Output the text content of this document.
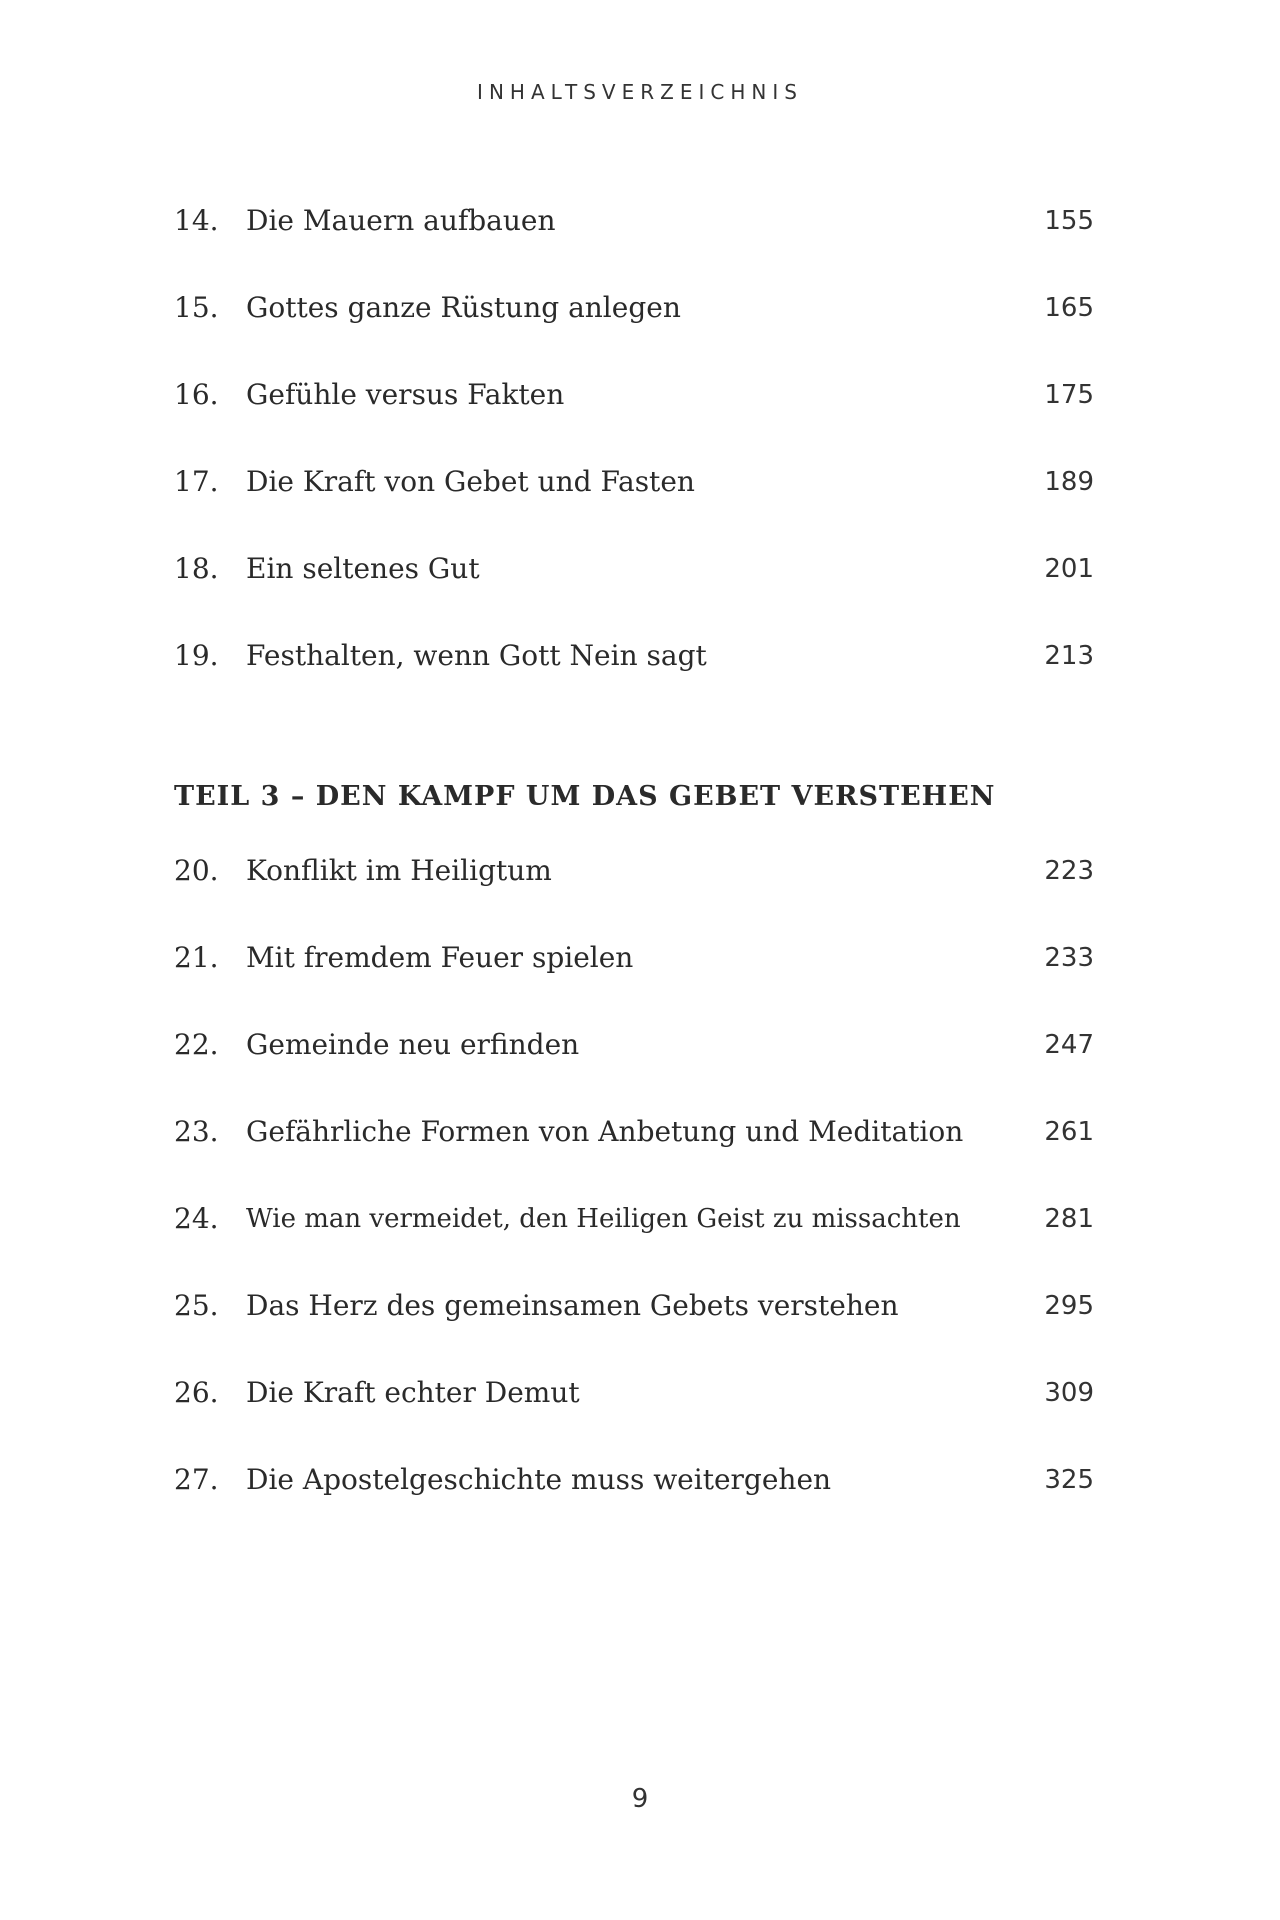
INHALTSVERZEICHNIS
14. Die Mauern aufbauen	155
15. Gottes ganze Rüstung anlegen	165
16. Gefühle versus Fakten	175
17. Die Kraft von Gebet und Fasten	189
18. Ein seltenes Gut	201
19. Festhalten, wenn Gott Nein sagt	213
TEIL 3 – DEN KAMPF UM DAS GEBET VERSTEHEN
20. Konflikt im Heiligtum	223
21. Mit fremdem Feuer spielen	233
22. Gemeinde neu erfinden	247
23. Gefährliche Formen von Anbetung und Meditation	261
24.	Wie man vermeidet, den Heiligen Geist zu missachten	281
25. Das Herz des gemeinsamen Gebets verstehen	295
26. Die Kraft echter Demut	309
27. Die Apostelgeschichte muss weitergehen	325
9
